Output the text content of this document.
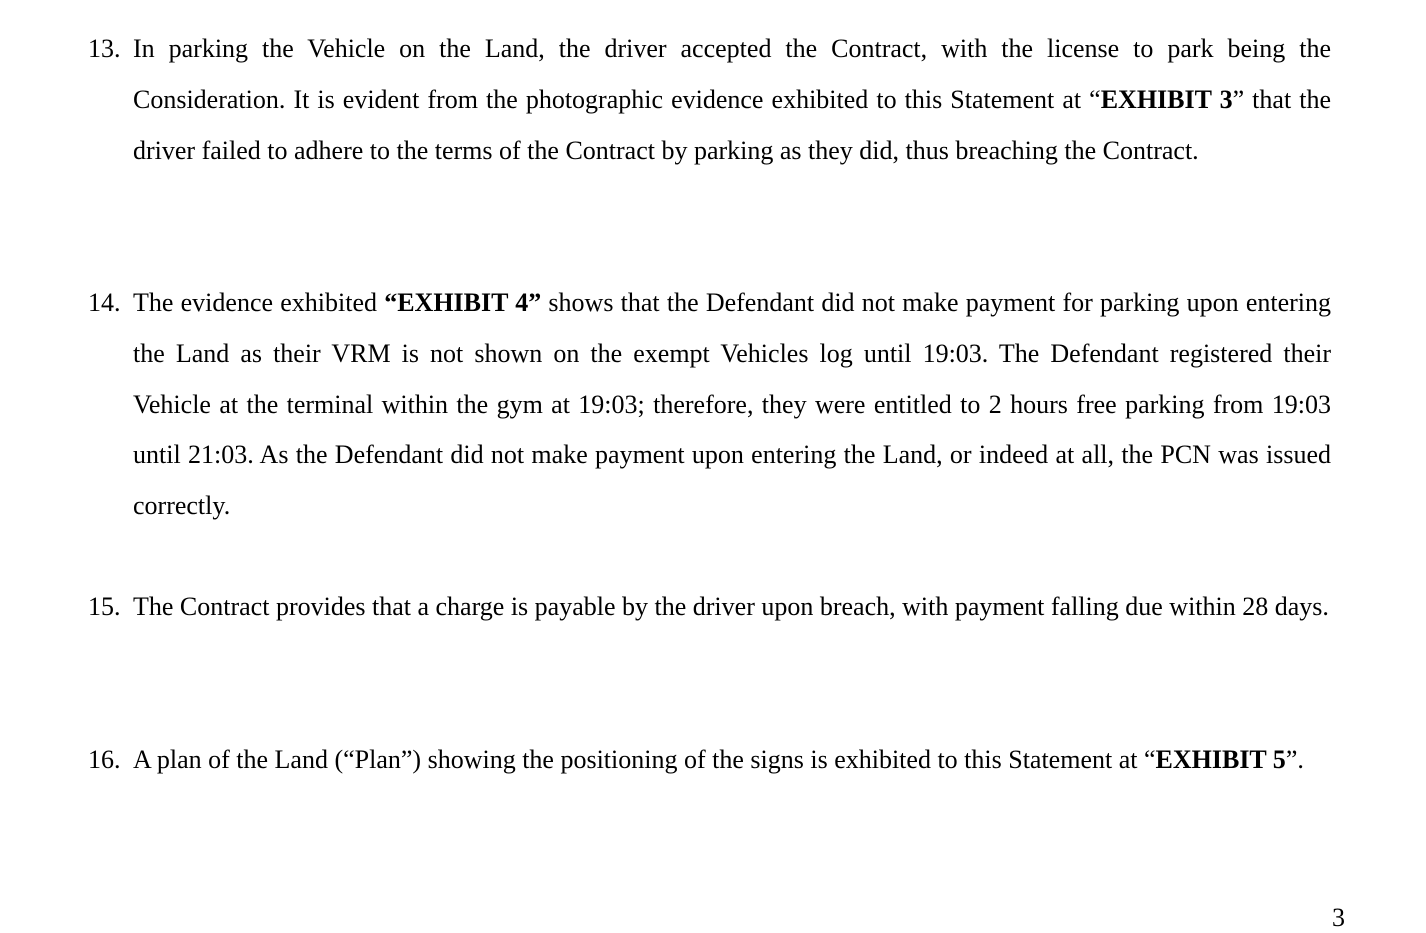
13. In parking the Vehicle on the Land, the driver accepted the Contract, with the license to park being the Consideration. It is evident from the photographic evidence exhibited to this Statement at “EXHIBIT 3” that the driver failed to adhere to the terms of the Contract by parking as they did, thus breaching the Contract.
14. The evidence exhibited “EXHIBIT 4” shows that the Defendant did not make payment for parking upon entering the Land as their VRM is not shown on the exempt Vehicles log until 19:03. The Defendant registered their Vehicle at the terminal within the gym at 19:03; therefore, they were entitled to 2 hours free parking from 19:03 until 21:03. As the Defendant did not make payment upon entering the Land, or indeed at all, the PCN was issued correctly.
15. The Contract provides that a charge is payable by the driver upon breach, with payment falling due within 28 days.
16. A plan of the Land (“Plan”) showing the positioning of the signs is exhibited to this Statement at “EXHIBIT 5”.
3
